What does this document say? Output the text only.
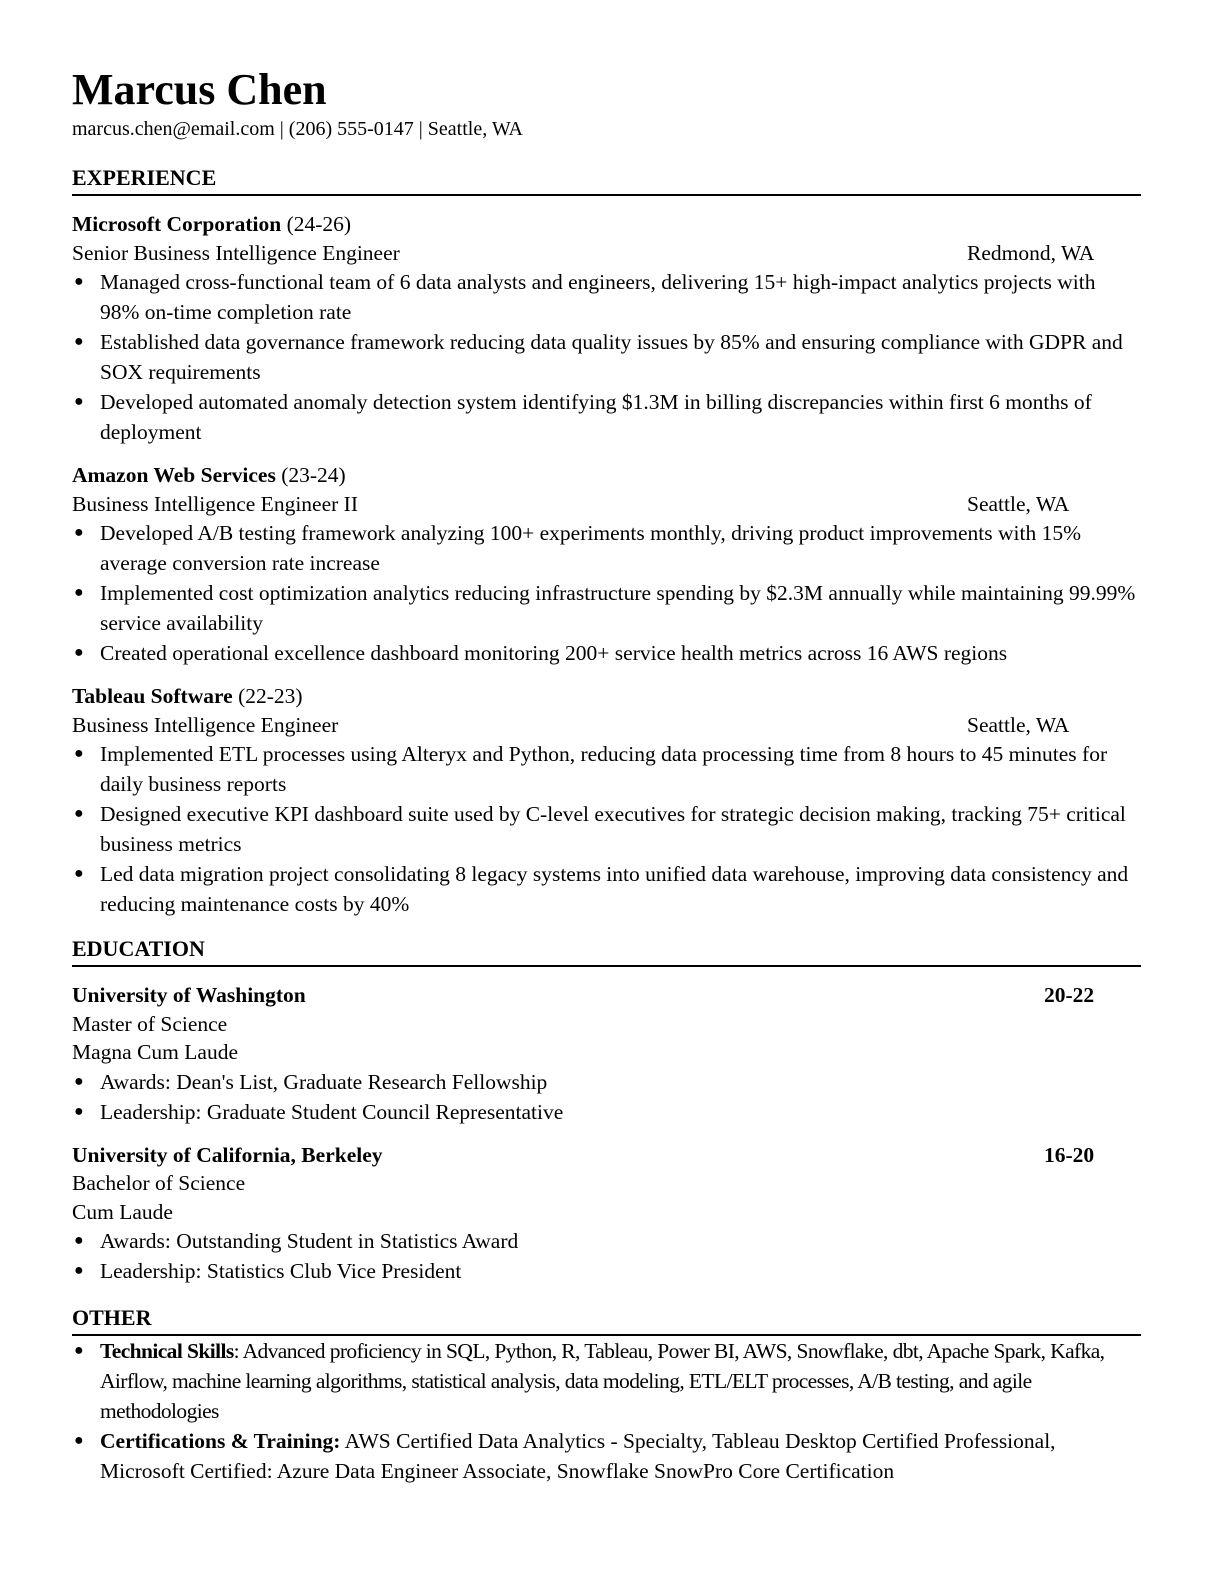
Marcus Chen
marcus.chen@email.com | (206) 555-0147 | Seattle, WA
EXPERIENCE
Microsoft Corporation (24-26)
Senior Business Intelligence Engineer	Redmond, WA
● Managed cross-functional team of 6 data analysts and engineers, delivering 15+ high-impact analytics projects with 98% on-time completion rate
● Established data governance framework reducing data quality issues by 85% and ensuring compliance with GDPR and SOX requirements
● Developed automated anomaly detection system identifying $1.3M in billing discrepancies within first 6 months of deployment
Amazon Web Services (23-24)
Business Intelligence Engineer II	Seattle, WA
● Developed A/B testing framework analyzing 100+ experiments monthly, driving product improvements with 15% average conversion rate increase
● Implemented cost optimization analytics reducing infrastructure spending by $2.3M annually while maintaining 99.99% service availability
● Created operational excellence dashboard monitoring 200+ service health metrics across 16 AWS regions
Tableau Software (22-23)
Business Intelligence Engineer	Seattle, WA
● Implemented ETL processes using Alteryx and Python, reducing data processing time from 8 hours to 45 minutes for daily business reports
● Designed executive KPI dashboard suite used by C-level executives for strategic decision making, tracking 75+ critical business metrics
● Led data migration project consolidating 8 legacy systems into unified data warehouse, improving data consistency and reducing maintenance costs by 40%
EDUCATION
University of Washington	20-22
Master of Science
Magna Cum Laude
● Awards: Dean's List, Graduate Research Fellowship
● Leadership: Graduate Student Council Representative
University of California, Berkeley	16-20
Bachelor of Science
Cum Laude
● Awards: Outstanding Student in Statistics Award
● Leadership: Statistics Club Vice President
OTHER
● Technical Skills: Advanced proficiency in SQL, Python, R, Tableau, Power BI, AWS, Snowflake, dbt, Apache Spark, Kafka, Airflow, machine learning algorithms, statistical analysis, data modeling, ETL/ELT processes, A/B testing, and agile methodologies
● Certifications & Training: AWS Certified Data Analytics - Specialty, Tableau Desktop Certified Professional, Microsoft Certified: Azure Data Engineer Associate, Snowflake SnowPro Core Certification
